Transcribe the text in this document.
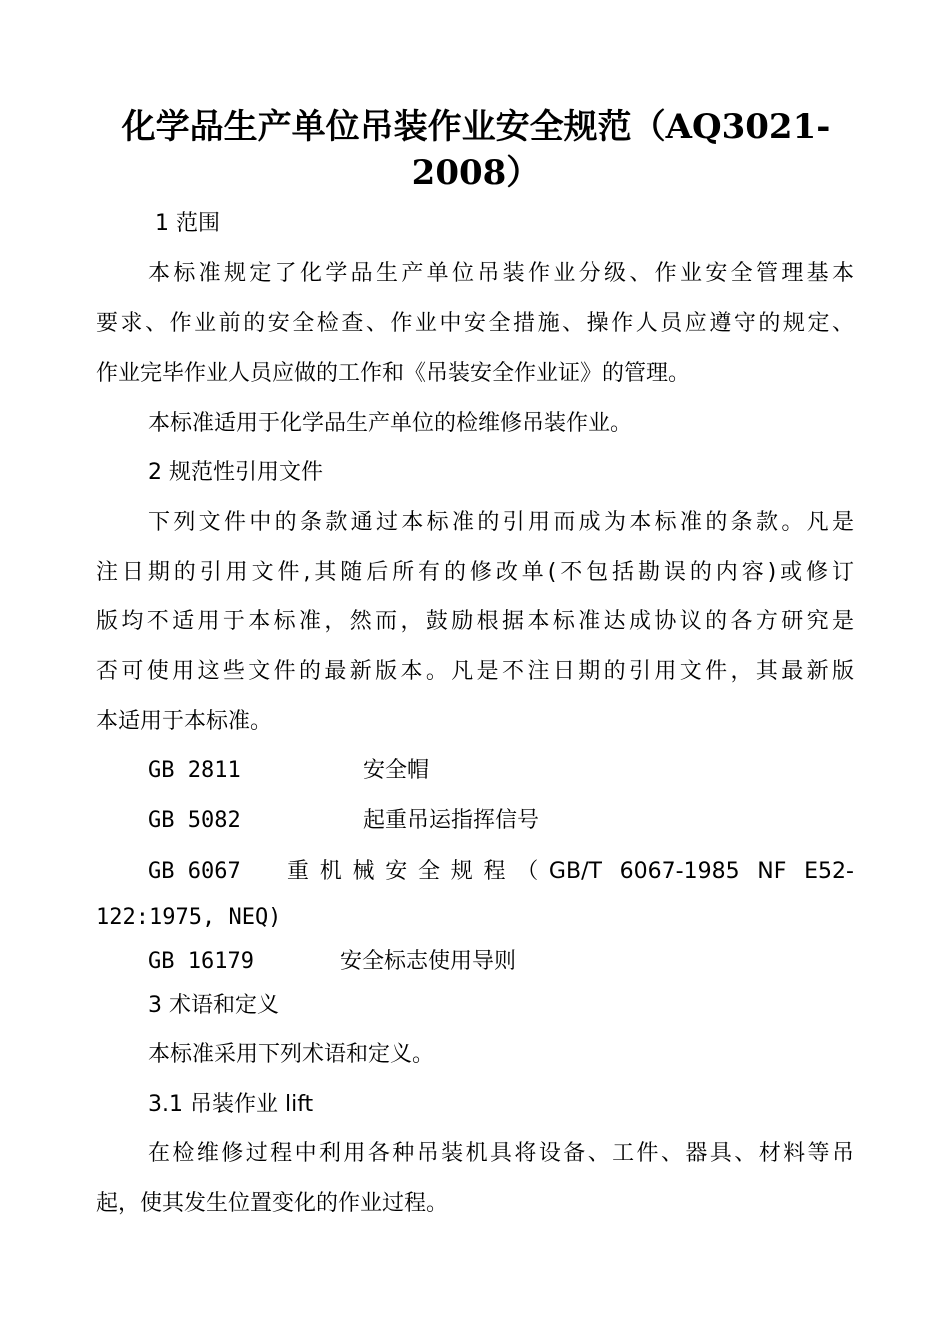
化学品生产单位吊装作业安全规范（AQ3021-
2008）
1 范围
本标准规定了化学品生产单位吊装作业分级、作业安全管理基本
要求、作业前的安全检查、作业中安全措施、操作人员应遵守的规定、
作业完毕作业人员应做的工作和《吊装安全作业证》的管理。
本标准适用于化学品生产单位的检维修吊装作业。
2 规范性引用文件
下列文件中的条款通过本标准的引用而成为本标准的条款。凡是
注日期的引用文件,其随后所有的修改单(不包括勘误的内容)或修订
版均不适用于本标准，然而，鼓励根据本标准达成协议的各方研究是
否可使用这些文件的最新版本。凡是不注日期的引用文件，其最新版
本适用于本标准。
GB 2811	安全帽
GB 5082	起重吊运指挥信号
GB 6067 重机械安全规程（GB/T 6067-1985 NF E52-
122:1975, NEQ)
GB 16179	安全标志使用导则
3 术语和定义
本标准采用下列术语和定义。
3.1 吊装作业 lift
在检维修过程中利用各种吊装机具将设备、工件、器具、材料等吊
起，使其发生位置变化的作业过程。
